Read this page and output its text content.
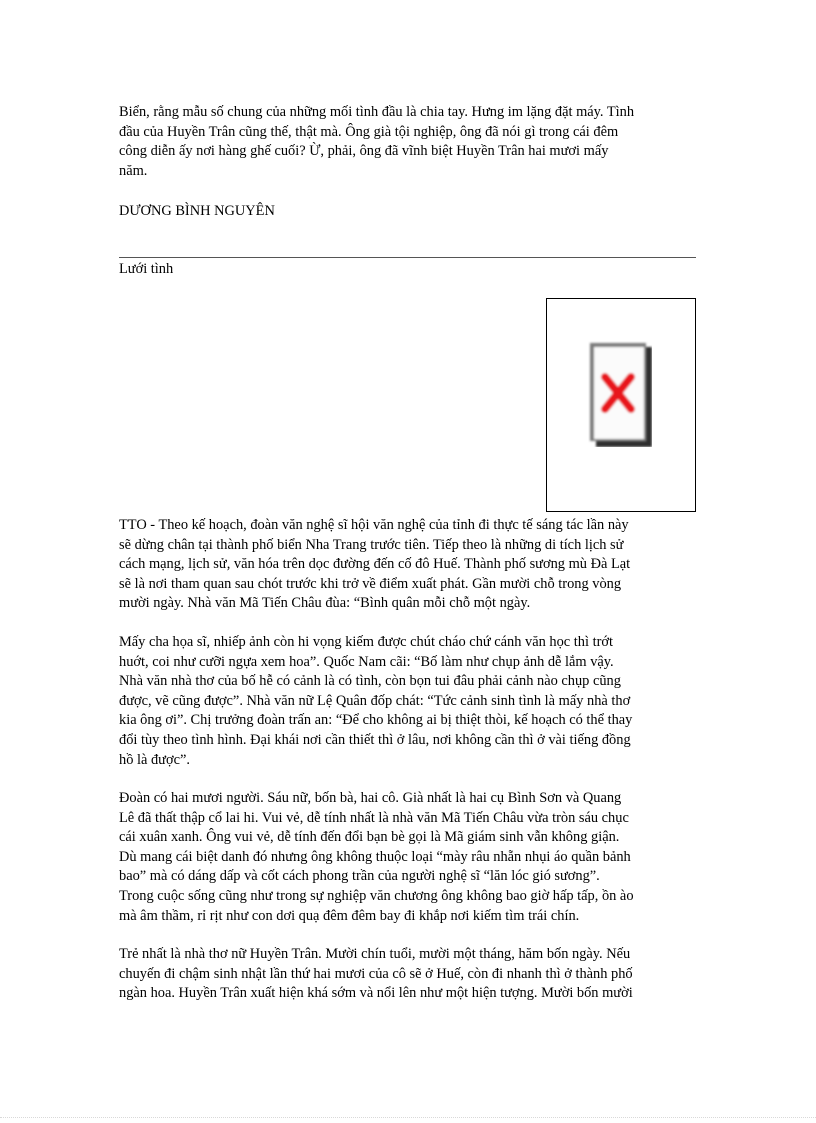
Biển, rằng mẫu số chung của những mối tình đầu là chia tay. Hưng im lặng đặt máy. Tình
đầu của Huyền Trân cũng thế, thật mà. Ông già tội nghiệp, ông đã nói gì trong cái đêm
công diễn ấy nơi hàng ghế cuối? Ừ, phải, ông đã vĩnh biệt Huyền Trân hai mươi mấy
năm.

DƯƠNG BÌNH NGUYÊN

Lưới tình

TTO - Theo kế hoạch, đoàn văn nghệ sĩ hội văn nghệ của tỉnh đi thực tế sáng tác lần này
sẽ dừng chân tại thành phố biển Nha Trang trước tiên. Tiếp theo là những di tích lịch sử
cách mạng, lịch sử, văn hóa trên dọc đường đến cố đô Huế. Thành phố sương mù Đà Lạt
sẽ là nơi tham quan sau chót trước khi trở về điểm xuất phát. Gần mười chỗ trong vòng
mười ngày. Nhà văn Mã Tiến Châu đùa: “Bình quân mỗi chỗ một ngày.
Mấy cha họa sĩ, nhiếp ảnh còn hi vọng kiếm được chút cháo chứ cánh văn học thì trớt
huớt, coi như cưỡi ngựa xem hoa”. Quốc Nam cãi: “Bố làm như chụp ảnh dễ lắm vậy.
Nhà văn nhà thơ của bố hễ có cảnh là có tình, còn bọn tui đâu phải cảnh nào chụp cũng
được, vẽ cũng được”. Nhà văn nữ Lệ Quân đốp chát: “Tức cảnh sinh tình là mấy nhà thơ
kia ông ơi”. Chị trưởng đoàn trấn an: “Để cho không ai bị thiệt thòi, kế hoạch có thể thay
đổi tùy theo tình hình. Đại khái nơi cần thiết thì ở lâu, nơi không cần thì ở vài tiếng đồng
hồ là được”.
Đoàn có hai mươi người. Sáu nữ, bốn bà, hai cô. Già nhất là hai cụ Bình Sơn và Quang
Lê đã thất thập cổ lai hi. Vui vẻ, dễ tính nhất là nhà văn Mã Tiến Châu vừa tròn sáu chục
cái xuân xanh. Ông vui vẻ, dễ tính đến đổi bạn bè gọi là Mã giám sinh vẫn không giận.
Dù mang cái biệt danh đó nhưng ông không thuộc loại “mày râu nhẵn nhụi áo quần bảnh
bao” mà có dáng dấp và cốt cách phong trần của người nghệ sĩ “lăn lóc gió sương”.
Trong cuộc sống cũng như trong sự nghiệp văn chương ông không bao giờ hấp tấp, ồn ào
mà âm thầm, rỉ rịt như con dơi quạ đêm đêm bay đi khắp nơi kiếm tìm trái chín.
Trẻ nhất là nhà thơ nữ Huyền Trân. Mười chín tuổi, mười một tháng, hăm bốn ngày. Nếu
chuyến đi chậm sinh nhật lần thứ hai mươi của cô sẽ ở Huế, còn đi nhanh thì ở thành phố
ngàn hoa. Huyền Trân xuất hiện khá sớm và nổi lên như một hiện tượng. Mười bốn mười
